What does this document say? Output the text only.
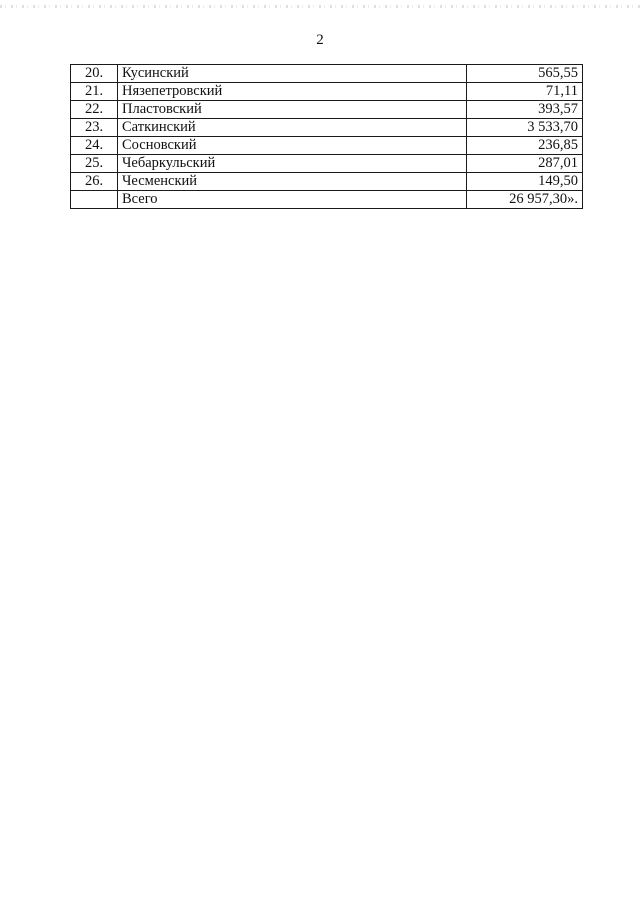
2
20.	Кусинский	565,55
21.	Нязепетровский	71,11
22.	Пластовский	393,57
23.	Саткинский	3 533,70
24.	Сосновский	236,85
25.	Чебаркульский	287,01
26.	Чесменский	149,50
	Всего	26 957,30».
